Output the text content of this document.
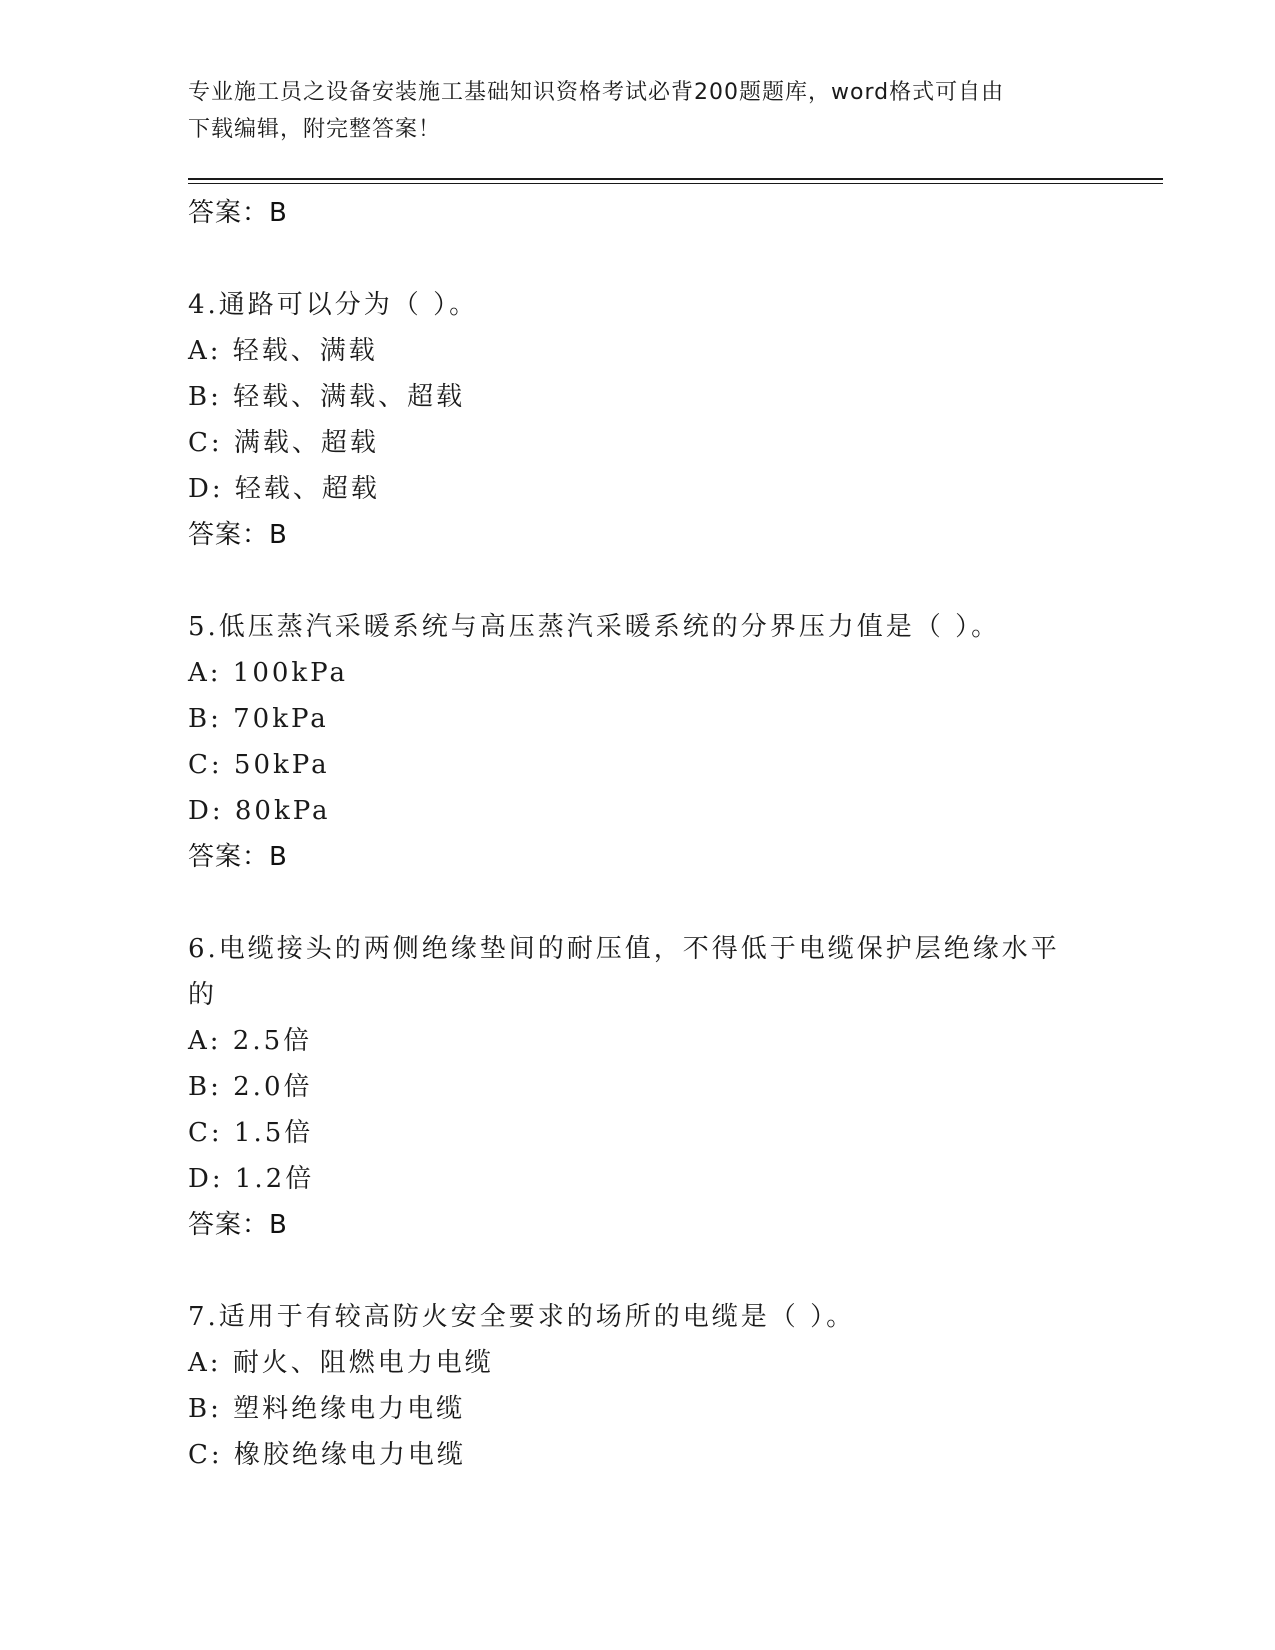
专业施工员之设备安装施工基础知识资格考试必背200题题库，word格式可自由
下载编辑，附完整答案！
答案：B
4.通路可以分为（ ）。
A: 轻载、满载
B: 轻载、满载、超载
C: 满载、超载
D: 轻载、超载
答案：B
5.低压蒸汽采暖系统与高压蒸汽采暖系统的分界压力值是（ ）。
A: 100kPa
B: 70kPa
C: 50kPa
D: 80kPa
答案：B
6.电缆接头的两侧绝缘垫间的耐压值，不得低于电缆保护层绝缘水平
的
A: 2.5倍
B: 2.0倍
C: 1.5倍
D: 1.2倍
答案：B
7.适用于有较高防火安全要求的场所的电缆是（ ）。
A: 耐火、阻燃电力电缆
B: 塑料绝缘电力电缆
C: 橡胶绝缘电力电缆
